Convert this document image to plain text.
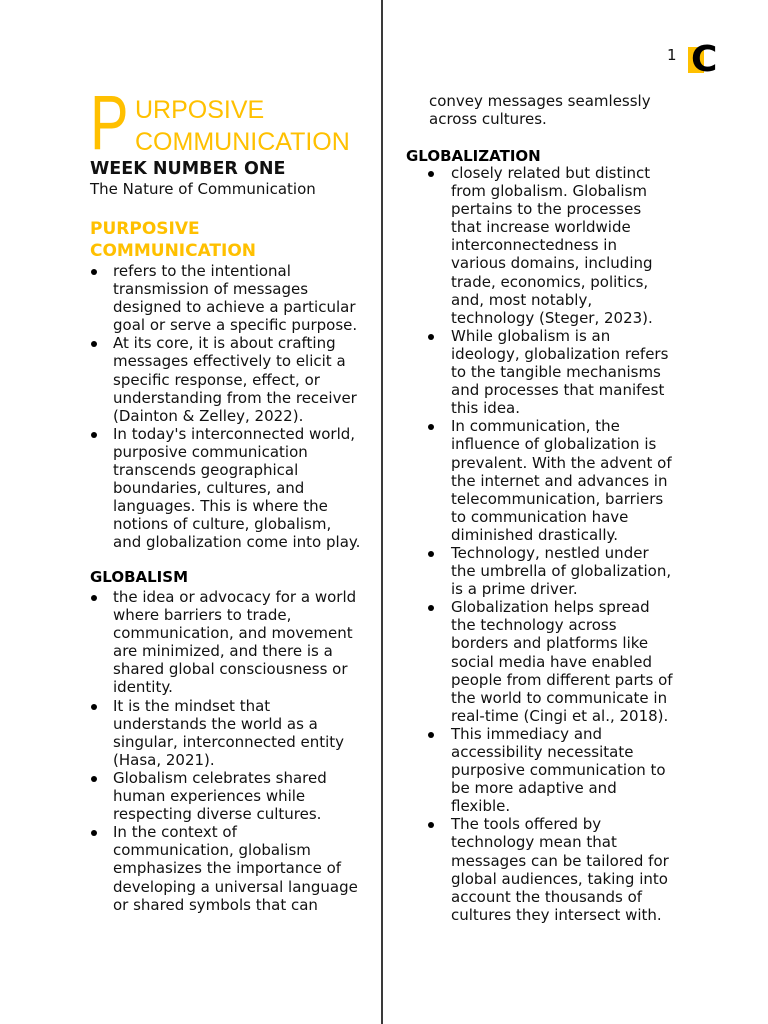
1 C
P URPOSIVE
COMMUNICATION
WEEK NUMBER ONE
The Nature of Communication
PURPOSIVE
COMMUNICATION
refers to the intentional
transmission of messages
designed to achieve a particular
goal or serve a specific purpose.
At its core, it is about crafting
messages effectively to elicit a
specific response, effect, or
understanding from the receiver
(Dainton & Zelley, 2022).
In today's interconnected world,
purposive communication
transcends geographical
boundaries, cultures, and
languages. This is where the
notions of culture, globalism,
and globalization come into play.
GLOBALISM
the idea or advocacy for a world
where barriers to trade,
communication, and movement
are minimized, and there is a
shared global consciousness or
identity.
It is the mindset that
understands the world as a
singular, interconnected entity
(Hasa, 2021).
Globalism celebrates shared
human experiences while
respecting diverse cultures.
In the context of
communication, globalism
emphasizes the importance of
developing a universal language
or shared symbols that can
convey messages seamlessly
across cultures.
GLOBALIZATION
closely related but distinct
from globalism. Globalism
pertains to the processes
that increase worldwide
interconnectedness in
various domains, including
trade, economics, politics,
and, most notably,
technology (Steger, 2023).
While globalism is an
ideology, globalization refers
to the tangible mechanisms
and processes that manifest
this idea.
In communication, the
influence of globalization is
prevalent. With the advent of
the internet and advances in
telecommunication, barriers
to communication have
diminished drastically.
Technology, nestled under
the umbrella of globalization,
is a prime driver.
Globalization helps spread
the technology across
borders and platforms like
social media have enabled
people from different parts of
the world to communicate in
real-time (Cingi et al., 2018).
This immediacy and
accessibility necessitate
purposive communication to
be more adaptive and
flexible.
The tools offered by
technology mean that
messages can be tailored for
global audiences, taking into
account the thousands of
cultures they intersect with.
